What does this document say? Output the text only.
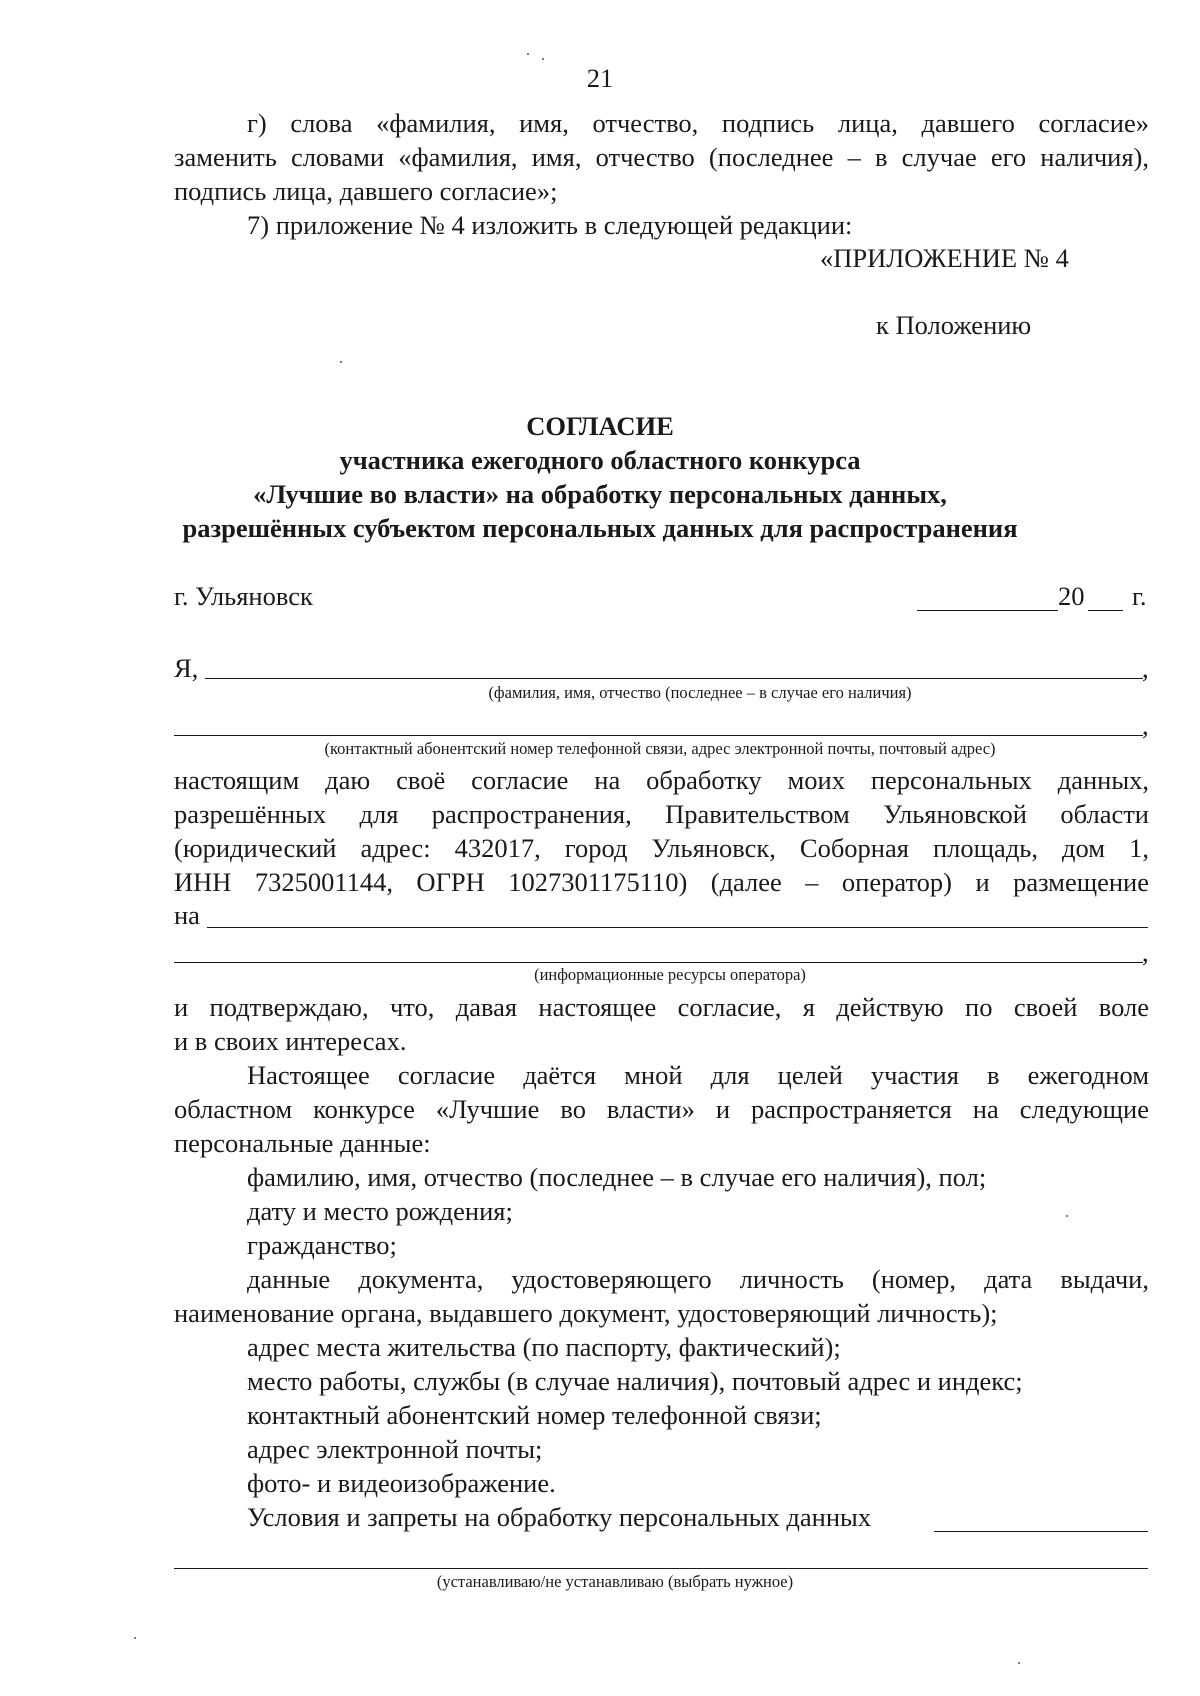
21
г) слова «фамилия, имя, отчество, подпись лица, давшего согласие»
заменить словами «фамилия, имя, отчество (последнее – в случае его наличия),
подпись лица, давшего согласие»;
7) приложение № 4 изложить в следующей редакции:
«ПРИЛОЖЕНИЕ № 4
к Положению
СОГЛАСИЕ
участника ежегодного областного конкурса
«Лучшие во власти» на обработку персональных данных,
разрешённых субъектом персональных данных для распространения
г. Ульяновск	20 г.
Я,	,
(фамилия, имя, отчество (последнее – в случае его наличия)
,
(контактный абонентский номер телефонной связи, адрес электронной почты, почтовый адрес)
настоящим даю своё согласие на обработку моих персональных данных,
разрешённых для распространения, Правительством Ульяновской области
(юридический адрес: 432017, город Ульяновск, Соборная площадь, дом 1,
ИНН 7325001144, ОГРН 1027301175110) (далее – оператор) и размещение
на
,
(информационные ресурсы оператора)
и подтверждаю, что, давая настоящее согласие, я действую по своей воле
и в своих интересах.
Настоящее согласие даётся мной для целей участия в ежегодном
областном конкурсе «Лучшие во власти» и распространяется на следующие
персональные данные:
фамилию, имя, отчество (последнее – в случае его наличия), пол;
дату и место рождения;
гражданство;
данные документа, удостоверяющего личность (номер, дата выдачи,
наименование органа, выдавшего документ, удостоверяющий личность);
адрес места жительства (по паспорту, фактический);
место работы, службы (в случае наличия), почтовый адрес и индекс;
контактный абонентский номер телефонной связи;
адрес электронной почты;
фото- и видеоизображение.
Условия и запреты на обработку персональных данных
(устанавливаю/не устанавливаю (выбрать нужное)
